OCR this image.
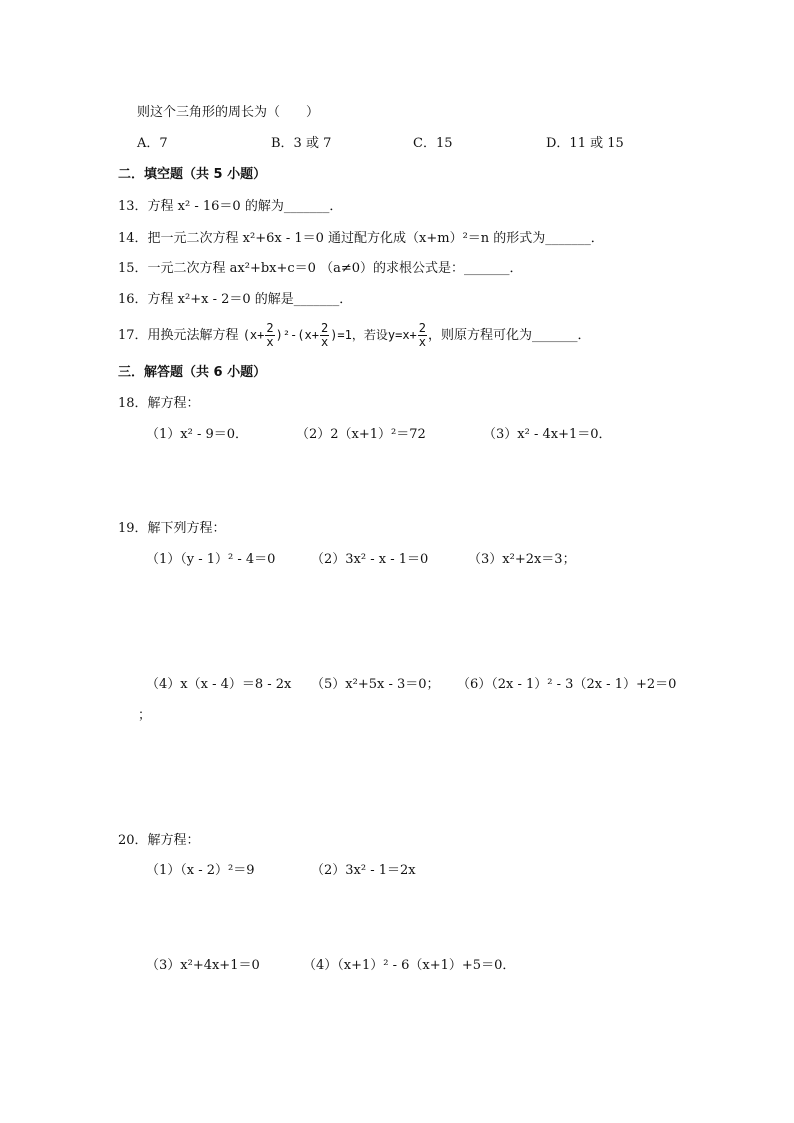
则这个三角形的周长为（　　）
A．7	B．3 或 7	C．15	D．11 或 15
二．填空题（共 5 小题）
13．方程 x² - 16＝0 的解为_______．
14．把一元二次方程 x²+6x - 1＝0 通过配方化成（x+m）²＝n 的形式为_______．
15．一元二次方程 ax²+bx+c＝0 （a≠0）的求根公式是：_______．
16．方程 x²+x - 2＝0 的解是_______．
17．用换元法解方程 $(x+ \frac{2}{x} )^2-(x+ \frac{2}{x} )=1$，若设$y=x+ \frac{2}{x}$ ，则原方程可化为_______．
三．解答题（共 6 小题）
18．解方程：
（1）x² - 9＝0．	（2）2（x+1）²＝72	（3）x² - 4x+1＝0．
19．解下列方程：
（1）（y - 1）² - 4＝0	（2）3x² - x - 1＝0	（3）x²+2x＝3；
（4）x（x - 4）＝8 - 2x （5）x²+5x - 3＝0； （6）（2x - 1）² - 3（2x - 1）+2＝0
；
20．解方程：
（1）（x - 2）²＝9	（2）3x² - 1＝2x
（3）x²+4x+1＝0	（4）（x+1）² - 6（x+1）+5＝0．
